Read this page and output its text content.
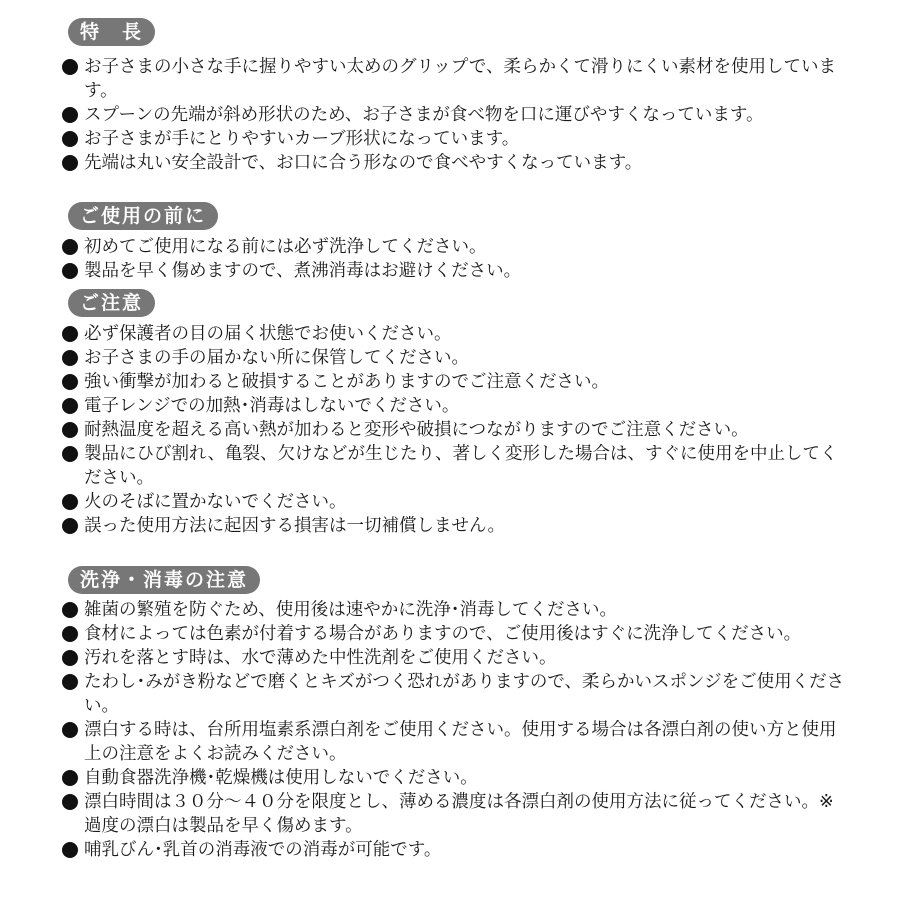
特　長
お子さまの小さな手に握りやすい太めのグリップで、柔らかくて滑りにくい素材を使用しています。
スプーンの先端が斜め形状のため、お子さまが食べ物を口に運びやすくなっています。
お子さまが手にとりやすいカーブ形状になっています。
先端は丸い安全設計で、お口に合う形なので食べやすくなっています。
ご使用の前に
初めてご使用になる前には必ず洗浄してください。
製品を早く傷めますので、煮沸消毒はお避けください。
ご注意
必ず保護者の目の届く状態でお使いください。
お子さまの手の届かない所に保管してください。
強い衝撃が加わると破損することがありますのでご注意ください。
電子レンジでの加熱･消毒はしないでください。
耐熱温度を超える高い熱が加わると変形や破損につながりますのでご注意ください。
製品にひび割れ、亀裂、欠けなどが生じたり、著しく変形した場合は、すぐに使用を中止してください。
火のそばに置かないでください。
誤った使用方法に起因する損害は一切補償しません。
洗浄・消毒の注意
雑菌の繁殖を防ぐため、使用後は速やかに洗浄･消毒してください。
食材によっては色素が付着する場合がありますので、ご使用後はすぐに洗浄してください。
汚れを落とす時は、水で薄めた中性洗剤をご使用ください。
たわし･みがき粉などで磨くとキズがつく恐れがありますので、柔らかいスポンジをご使用ください。
漂白する時は、台所用塩素系漂白剤をご使用ください。使用する場合は各漂白剤の使い方と使用上の注意をよくお読みください。
自動食器洗浄機･乾燥機は使用しないでください。
漂白時間は３０分～４０分を限度とし、薄める濃度は各漂白剤の使用方法に従ってください。※過度の漂白は製品を早く傷めます。
哺乳びん･乳首の消毒液での消毒が可能です。
